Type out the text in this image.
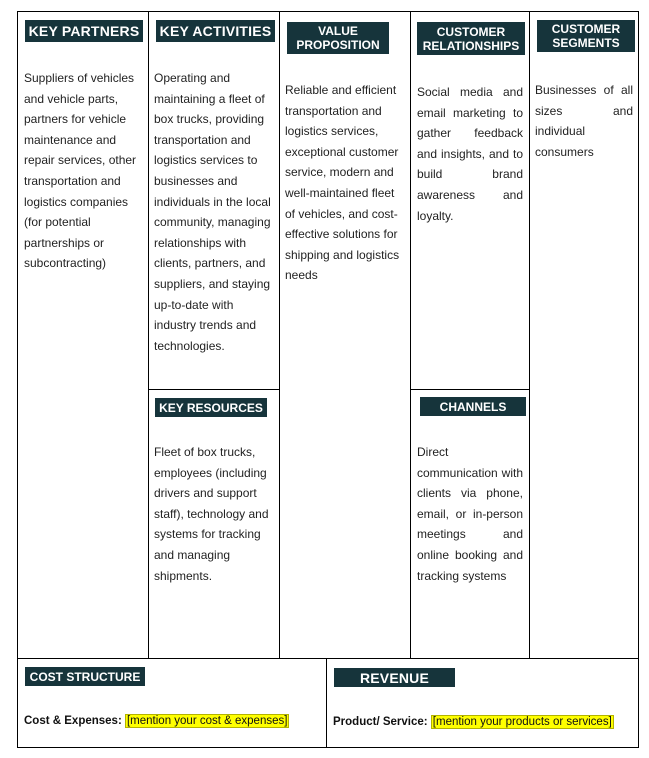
KEY PARTNERS
Suppliers of vehicles and vehicle parts, partners for vehicle maintenance and repair services, other transportation and logistics companies (for potential partnerships or subcontracting)
KEY ACTIVITIES
Operating and maintaining a fleet of box trucks, providing transportation and logistics services to businesses and individuals in the local community, managing relationships with clients, partners, and suppliers, and staying up-to-date with industry trends and technologies.
KEY RESOURCES
Fleet of box trucks, employees (including drivers and support staff), technology and systems for tracking and managing shipments.
VALUE
PROPOSITION
Reliable and efficient transportation and logistics services, exceptional customer service, modern and well-maintained fleet of vehicles, and cost-effective solutions for shipping and logistics needs
CUSTOMER
RELATIONSHIPS
Social media and email marketing to gather feedback and insights, and to build brand awareness and loyalty.
CHANNELS
Direct communication with clients via phone, email, or in-person meetings and online booking and tracking systems
CUSTOMER
SEGMENTS
Businesses of all sizes and individual consumers
COST STRUCTURE
Cost & Expenses: [mention your cost & expenses]
REVENUE
Product/ Service: [mention your products or services]
